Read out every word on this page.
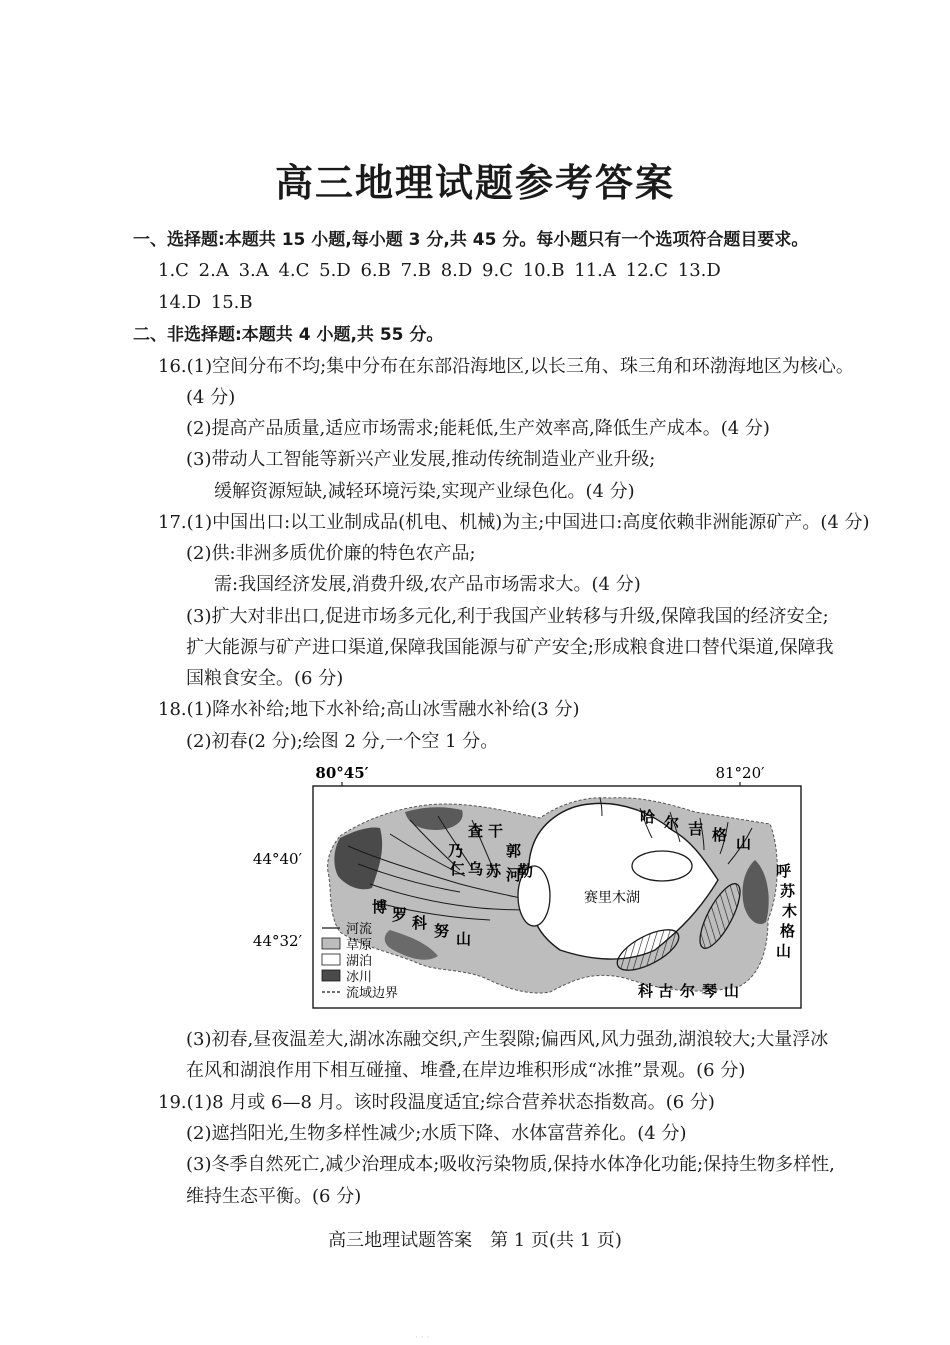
高三地理试题参考答案
一、选择题:本题共 15 小题,每小题 3 分,共 45 分。每小题只有一个选项符合题目要求。
1.C 2.A 3.A 4.C 5.D 6.B 7.B 8.D 9.C 10.B 11.A 12.C 13.D
14.D 15.B
二、非选择题:本题共 4 小题,共 55 分。
16.(1)空间分布不均;集中分布在东部沿海地区,以长三角、珠三角和环渤海地区为核心。
(4 分)
(2)提高产品质量,适应市场需求;能耗低,生产效率高,降低生产成本。(4 分)
(3)带动人工智能等新兴产业发展,推动传统制造业产业升级;
缓解资源短缺,减轻环境污染,实现产业绿色化。(4 分)
17.(1)中国出口:以工业制成品(机电、机械)为主;中国进口:高度依赖非洲能源矿产。(4 分)
(2)供:非洲多质优价廉的特色农产品;
需:我国经济发展,消费升级,农产品市场需求大。(4 分)
(3)扩大对非出口,促进市场多元化,利于我国产业转移与升级,保障我国的经济安全;
扩大能源与矿产进口渠道,保障我国能源与矿产安全;形成粮食进口替代渠道,保障我
国粮食安全。(6 分)
18.(1)降水补给;地下水补给;高山冰雪融水补给(3 分)
(2)初春(2 分);绘图 2 分,一个空 1 分。
80°45′	81°20′
44°40′
44°32′
赛里木湖
哈 尔 吉 格 山
查 干
郭
勒
乃
仁 乌 苏 河
博 罗 科 努 山
呼
苏
木
格
山
科 古 尔 琴 山
河流
草原
湖泊
冰川
流域边界
(3)初春,昼夜温差大,湖冰冻融交织,产生裂隙;偏西风,风力强劲,湖浪较大;大量浮冰
在风和湖浪作用下相互碰撞、堆叠,在岸边堆积形成“冰推”景观。(6 分)
19.(1)8 月或 6—8 月。该时段温度适宜;综合营养状态指数高。(6 分)
(2)遮挡阳光,生物多样性减少;水质下降、水体富营养化。(4 分)
(3)冬季自然死亡,减少治理成本;吸收污染物质,保持水体净化功能;保持生物多样性,
维持生态平衡。(6 分)
高三地理试题答案　第 1 页(共 1 页)
· · ·
